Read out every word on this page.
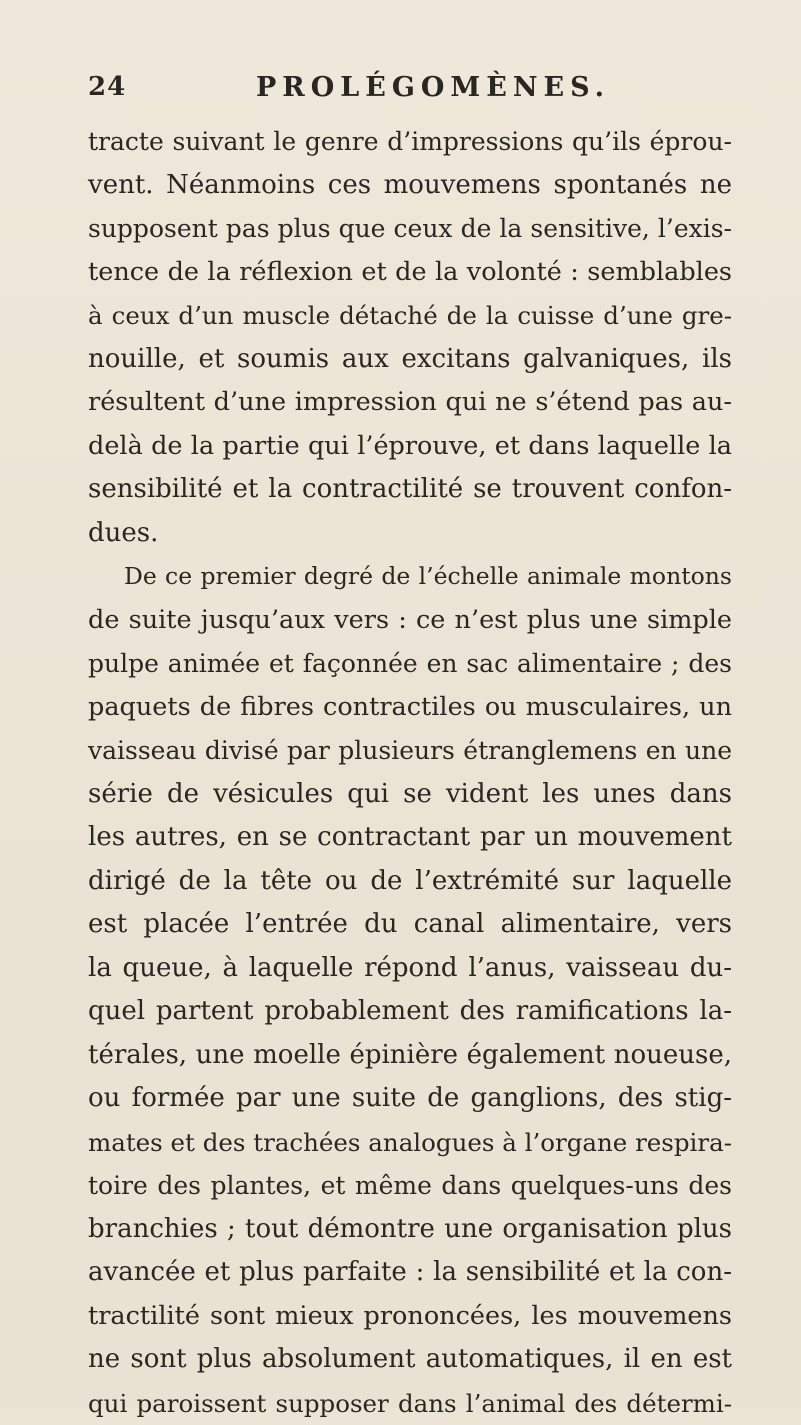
24	PROLÉGOMÈNES.
tracte suivant le genre d’impressions qu’ils éprou-
vent. Néanmoins ces mouvemens spontanés ne
supposent pas plus que ceux de la sensitive, l’exis-
tence de la réflexion et de la volonté : semblables
à ceux d’un muscle détaché de la cuisse d’une gre-
nouille, et soumis aux excitans galvaniques, ils
résultent d’une impression qui ne s’étend pas au-
delà de la partie qui l’éprouve, et dans laquelle la
sensibilité et la contractilité se trouvent confon-
dues.
De ce premier degré de l’échelle animale montons
de suite jusqu’aux vers : ce n’est plus une simple
pulpe animée et façonnée en sac alimentaire ; des
paquets de fibres contractiles ou musculaires, un
vaisseau divisé par plusieurs étranglemens en une
série de vésicules qui se vident les unes dans
les autres, en se contractant par un mouvement
dirigé de la tête ou de l’extrémité sur laquelle
est placée l’entrée du canal alimentaire, vers
la queue, à laquelle répond l’anus, vaisseau du-
quel partent probablement des ramifications la-
térales, une moelle épinière également noueuse,
ou formée par une suite de ganglions, des stig-
mates et des trachées analogues à l’organe respira-
toire des plantes, et même dans quelques-uns des
branchies ; tout démontre une organisation plus
avancée et plus parfaite : la sensibilité et la con-
tractilité sont mieux prononcées, les mouvemens
ne sont plus absolument automatiques, il en est
qui paroissent supposer dans l’animal des détermi-
